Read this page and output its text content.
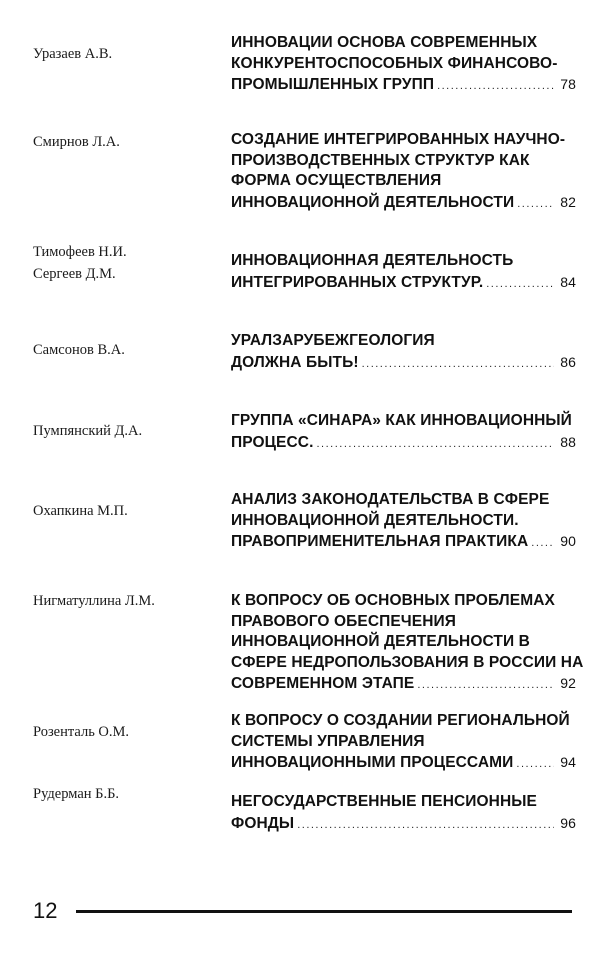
Уразаев А.В.
ИННОВАЦИИ ОСНОВА СОВРЕМЕННЫХ
КОНКУРЕНТОСПОСОБНЫХ ФИНАНСОВО-
ПРОМЫШЛЕННЫХ ГРУПП .....	78
Смирнов Л.А.	СОЗДАНИЕ ИНТЕГРИРОВАННЫХ НАУЧНО-
ПРОИЗВОДСТВЕННЫХ СТРУКТУР КАК
ФОРМА ОСУЩЕСТВЛЕНИЯ
ИННОВАЦИОННОЙ ДЕЯТЕЛЬНОСТИ .....	82
Тимофеев Н.И.
Сергеев Д.М.
ИННОВАЦИОННАЯ ДЕЯТЕЛЬНОСТЬ
ИНТЕГРИРОВАННЫХ СТРУКТУР. .....	84
Самсонов В.А.
УРАЛЗАРУБЕЖГЕОЛОГИЯ
ДОЛЖНА БЫТЬ! .....	86
Пумпянский Д.А.
ГРУППА «СИНАРА» КАК ИННОВАЦИОННЫЙ
ПРОЦЕСС. .....	88
Охапкина М.П.
АНАЛИЗ ЗАКОНОДАТЕЛЬСТВА В СФЕРЕ
ИННОВАЦИОННОЙ ДЕЯТЕЛЬНОСТИ.
ПРАВОПРИМЕНИТЕЛЬНАЯ ПРАКТИКА ..... 90
Нигматуллина Л.М.	К ВОПРОСУ ОБ ОСНОВНЫХ ПРОБЛЕМАХ
ПРАВОВОГО ОБЕСПЕЧЕНИЯ
ИННОВАЦИОННОЙ ДЕЯТЕЛЬНОСТИ В
СФЕРЕ НЕДРОПОЛЬЗОВАНИЯ В РОССИИ НА
СОВРЕМЕННОМ ЭТАПЕ .....	92
Розенталь О.М.
К ВОПРОСУ О СОЗДАНИИ РЕГИОНАЛЬНОЙ
СИСТЕМЫ УПРАВЛЕНИЯ
ИННОВАЦИОННЫМИ ПРОЦЕССАМИ .....	94
Рудерман Б.Б.	НЕГОСУДАРСТВЕННЫЕ ПЕНСИОННЫЕ
ФОНДЫ .....	96
12
